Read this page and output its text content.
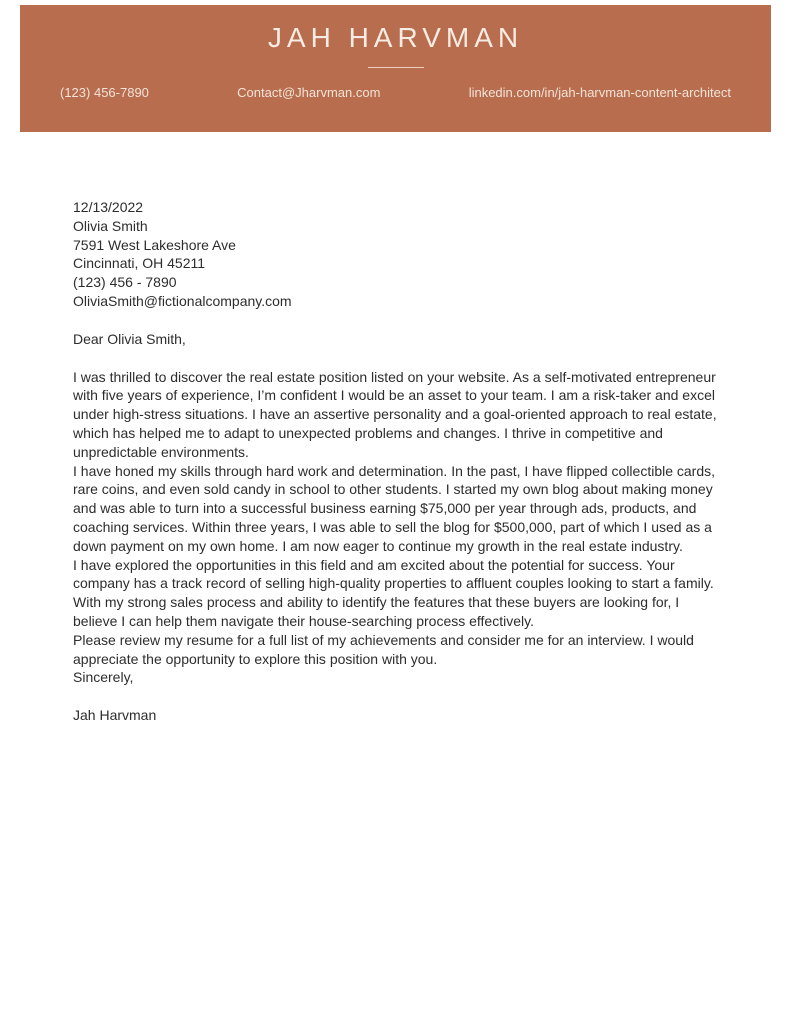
JAH HARVMAN
(123) 456-7890	Contact@Jharvman.com	linkedin.com/in/jah-harvman-content-architect
12/13/2022
Olivia Smith
7591 West Lakeshore Ave
Cincinnati, OH 45211
(123) 456 - 7890
OliviaSmith@fictionalcompany.com
Dear Olivia Smith,

I was thrilled to discover the real estate position listed on your website. As a self-motivated entrepreneur with five years of experience, I’m confident I would be an asset to your team. I am a risk-taker and excel under high-stress situations. I have an assertive personality and a goal-oriented approach to real estate, which has helped me to adapt to unexpected problems and changes. I thrive in competitive and unpredictable environments.

I have honed my skills through hard work and determination. In the past, I have flipped collectible cards, rare coins, and even sold candy in school to other students. I started my own blog about making money and was able to turn into a successful business earning $75,000 per year through ads, products, and coaching services. Within three years, I was able to sell the blog for $500,000, part of which I used as a down payment on my own home. I am now eager to continue my growth in the real estate industry.

I have explored the opportunities in this field and am excited about the potential for success. Your company has a track record of selling high-quality properties to affluent couples looking to start a family. With my strong sales process and ability to identify the features that these buyers are looking for, I believe I can help them navigate their house-searching process effectively.

Please review my resume for a full list of my achievements and consider me for an interview. I would appreciate the opportunity to explore this position with you.

Sincerely,
Jah Harvman
